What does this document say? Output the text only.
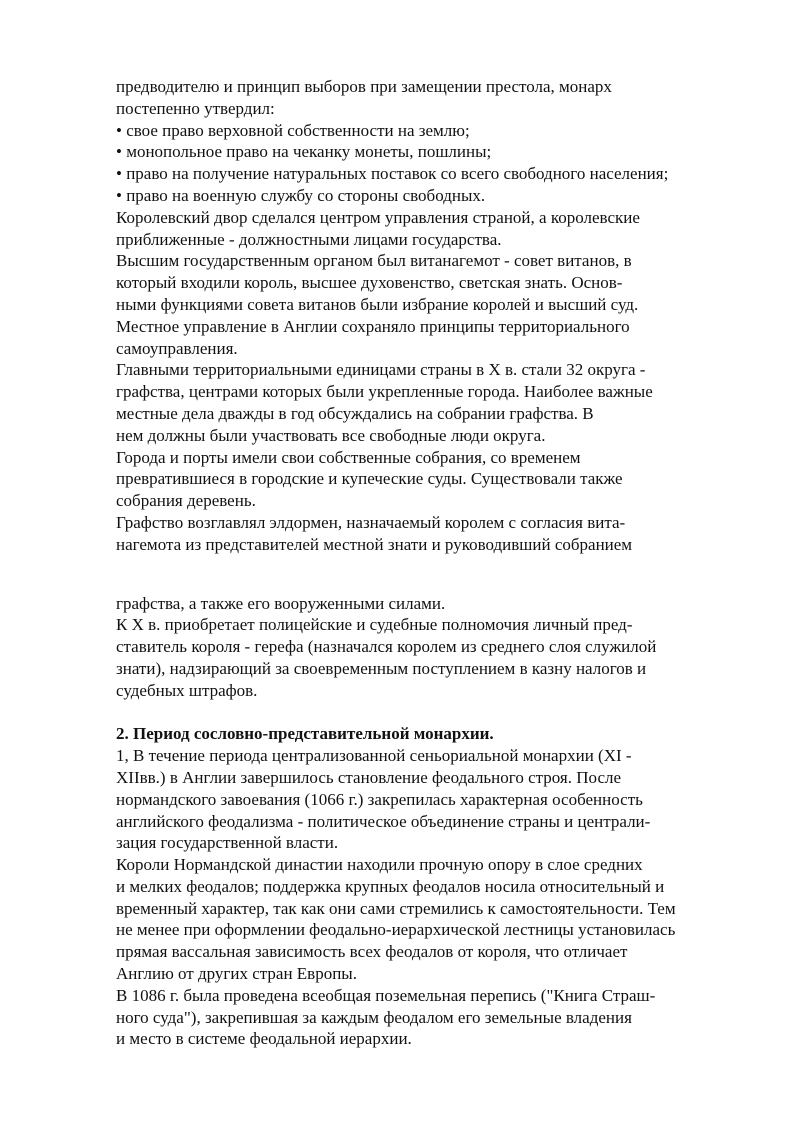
предводителю и принцип выборов при замещении престола, монарх
постепенно утвердил:
• свое право верховной собственности на землю;
• монопольное право на чеканку монеты, пошлины;
• право на получение натуральных поставок со всего свободного населения;
• право на военную службу со стороны свободных.
Королевский двор сделался центром управления страной, а королевские
приближенные - должностными лицами государства.
Высшим государственным органом был витанагемот - совет витанов, в
который входили король, высшее духовенство, светская знать. Основ-
ными функциями совета витанов были избрание королей и высший суд.
Местное управление в Англии сохраняло принципы территориального
самоуправления.
Главными территориальными единицами страны в X в. стали 32 округа -
графства, центрами которых были укрепленные города. Наиболее важные
местные дела дважды в год обсуждались на собрании графства. В
нем должны были участвовать все свободные люди округа.
Города и порты имели свои собственные собрания, со временем
превратившиеся в городские и купеческие суды. Существовали также
собрания деревень.
Графство возглавлял элдормен, назначаемый королем с согласия вита-
нагемота из представителей местной знати и руководивший собранием
графства, а также его вооруженными силами.
К X в. приобретает полицейские и судебные полномочия личный пред-
ставитель короля - герефа (назначался королем из среднего слоя служилой
знати), надзирающий за своевременным поступлением в казну налогов и
судебных штрафов.
2. Период сословно-представительной монархии.
1, В течение периода централизованной сеньориальной монархии (XI -
XIIвв.) в Англии завершилось становление феодального строя. После
нормандского завоевания (1066 г.) закрепилась характерная особенность
английского феодализма - политическое объединение страны и централи-
зация государственной власти.
Короли Нормандской династии находили прочную опору в слое средних
и мелких феодалов; поддержка крупных феодалов носила относительный и
временный характер, так как они сами стремились к самостоятельности. Тем
не менее при оформлении феодально-иерархической лестницы установилась
прямая вассальная зависимость всех феодалов от короля, что отличает
Англию от других стран Европы.
В 1086 г. была проведена всеобщая поземельная перепись ("Книга Страш-
ного суда"), закрепившая за каждым феодалом его земельные владения
и место в системе феодальной иерархии.
